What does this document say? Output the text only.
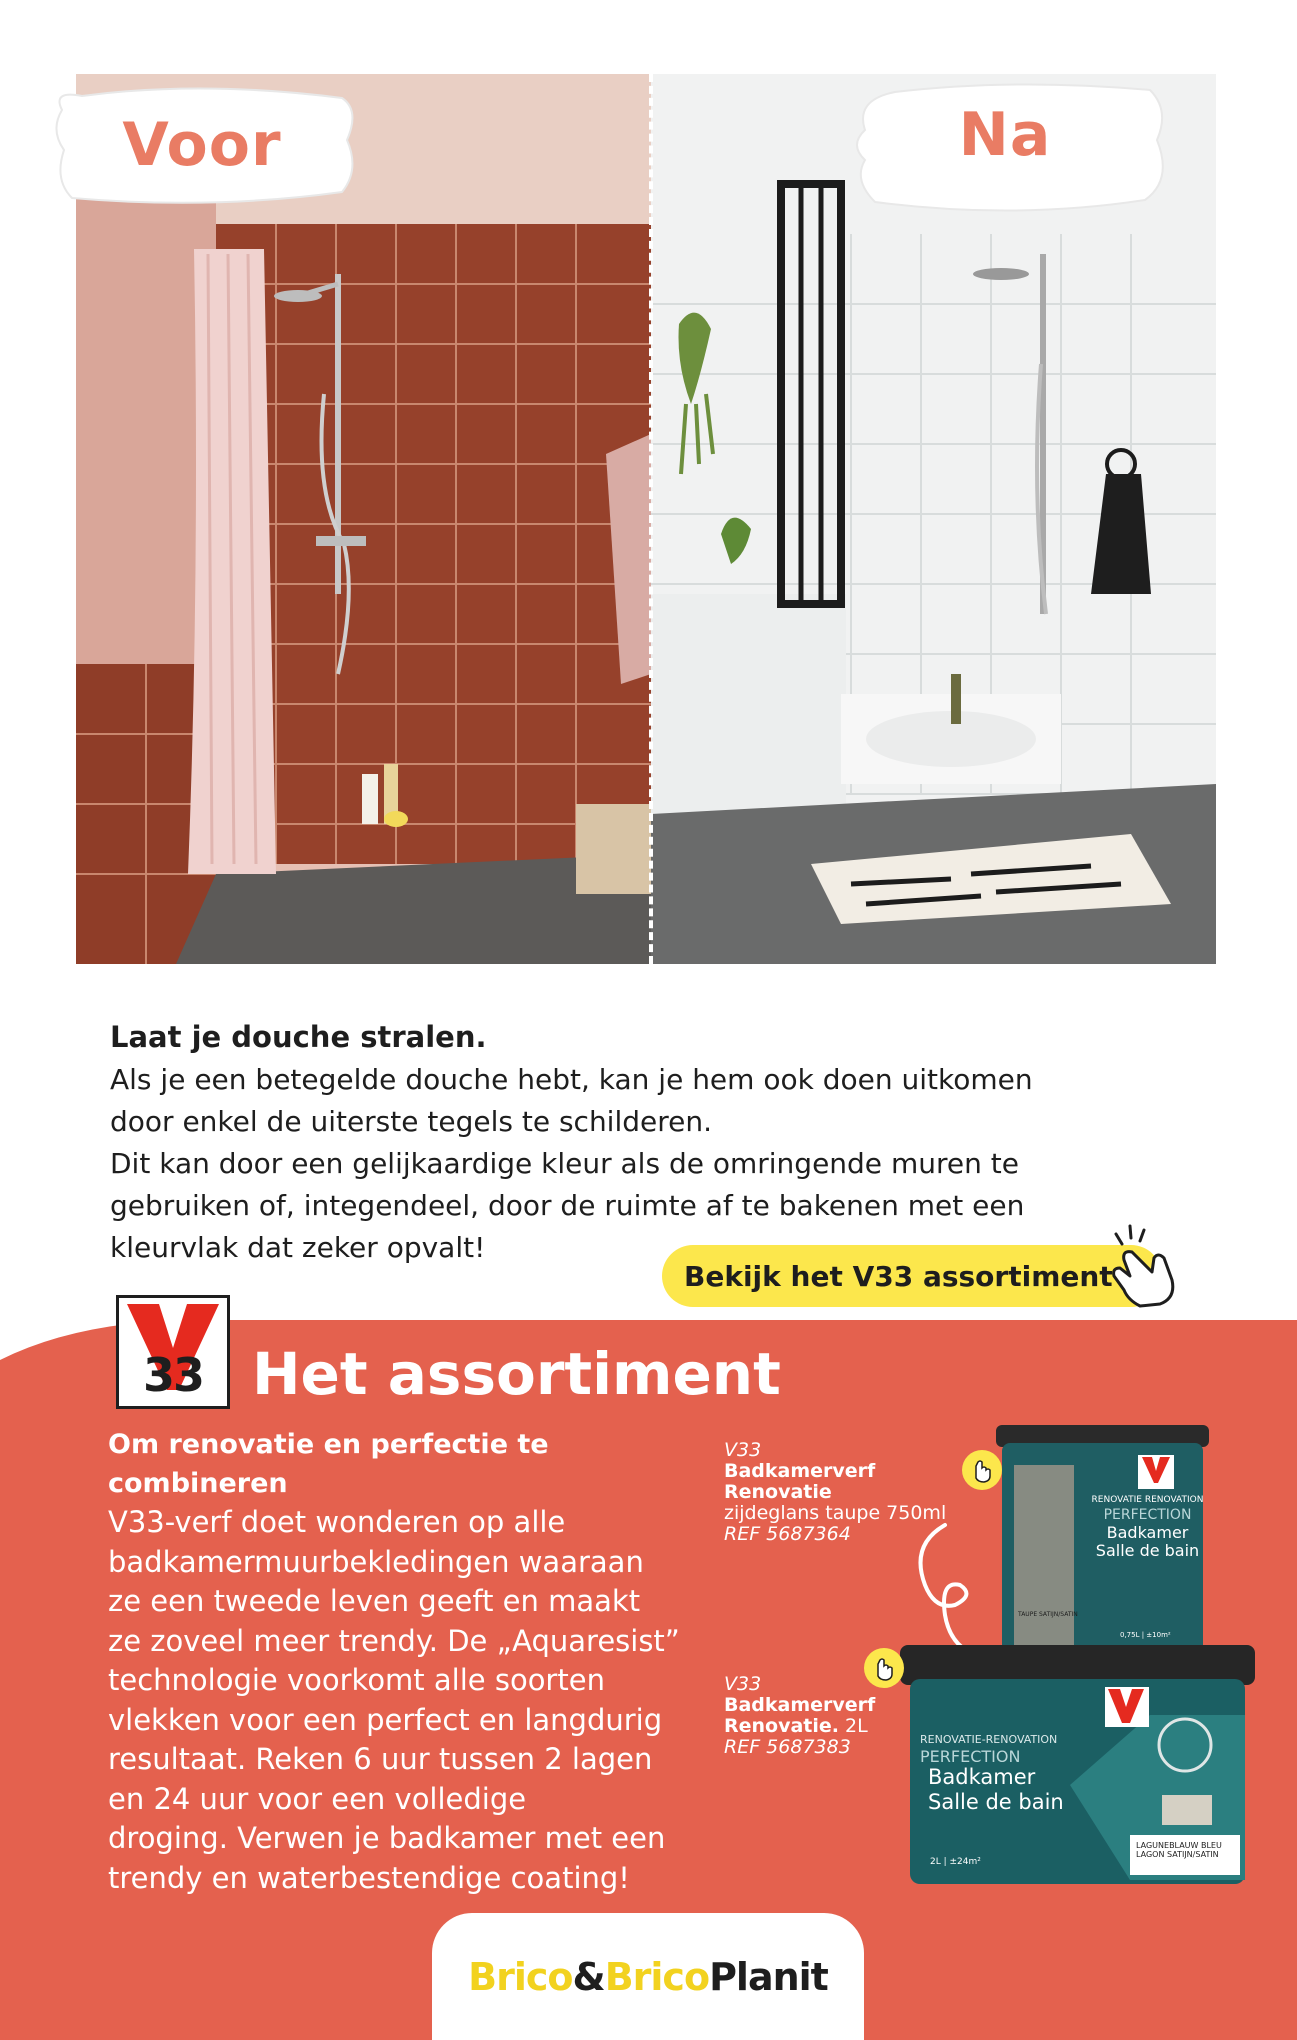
Voor	Na
Laat je douche stralen.

Als je een betegelde douche hebt, kan je hem ook doen uitkomen

door enkel de uiterste tegels te schilderen.

Dit kan door een gelijkaardige kleur als de omringende muren te

gebruiken of, integendeel, door de ruimte af te bakenen met een

kleurvlak dat zeker opvalt!

Bekijk het V33 assortiment
33 Het assortiment
Om renovatie en perfectie te
combineren

V33-verf doet wonderen op alle

badkamermuurbekledingen waaraan

ze een tweede leven geeft en maakt

ze zoveel meer trendy. De „Aquaresist”

technologie voorkomt alle soorten

vlekken voor een perfect en langdurig

resultaat. Reken 6 uur tussen 2 lagen

en 24 uur voor een volledige

droging. Verwen je badkamer met een

trendy en waterbestendige coating!

V33
Badkamerverf
Renovatie
zijdeglans taupe 750ml
REF 5687364
V33
Badkamerverf
Renovatie. 2L
REF 5687383
RENOVATIE RENOVATION
PERFECTION
Badkamer
Salle de bain
TAUPE SATIJN/SATIN
0,75L | ±10m²
RENOVATIE-RENOVATION
PERFECTION
Badkamer
Salle de bain
LAGUNEBLAUW BLEU LAGON SATIJN/SATIN
2L | ±24m²
Brico&BricoPlanit
